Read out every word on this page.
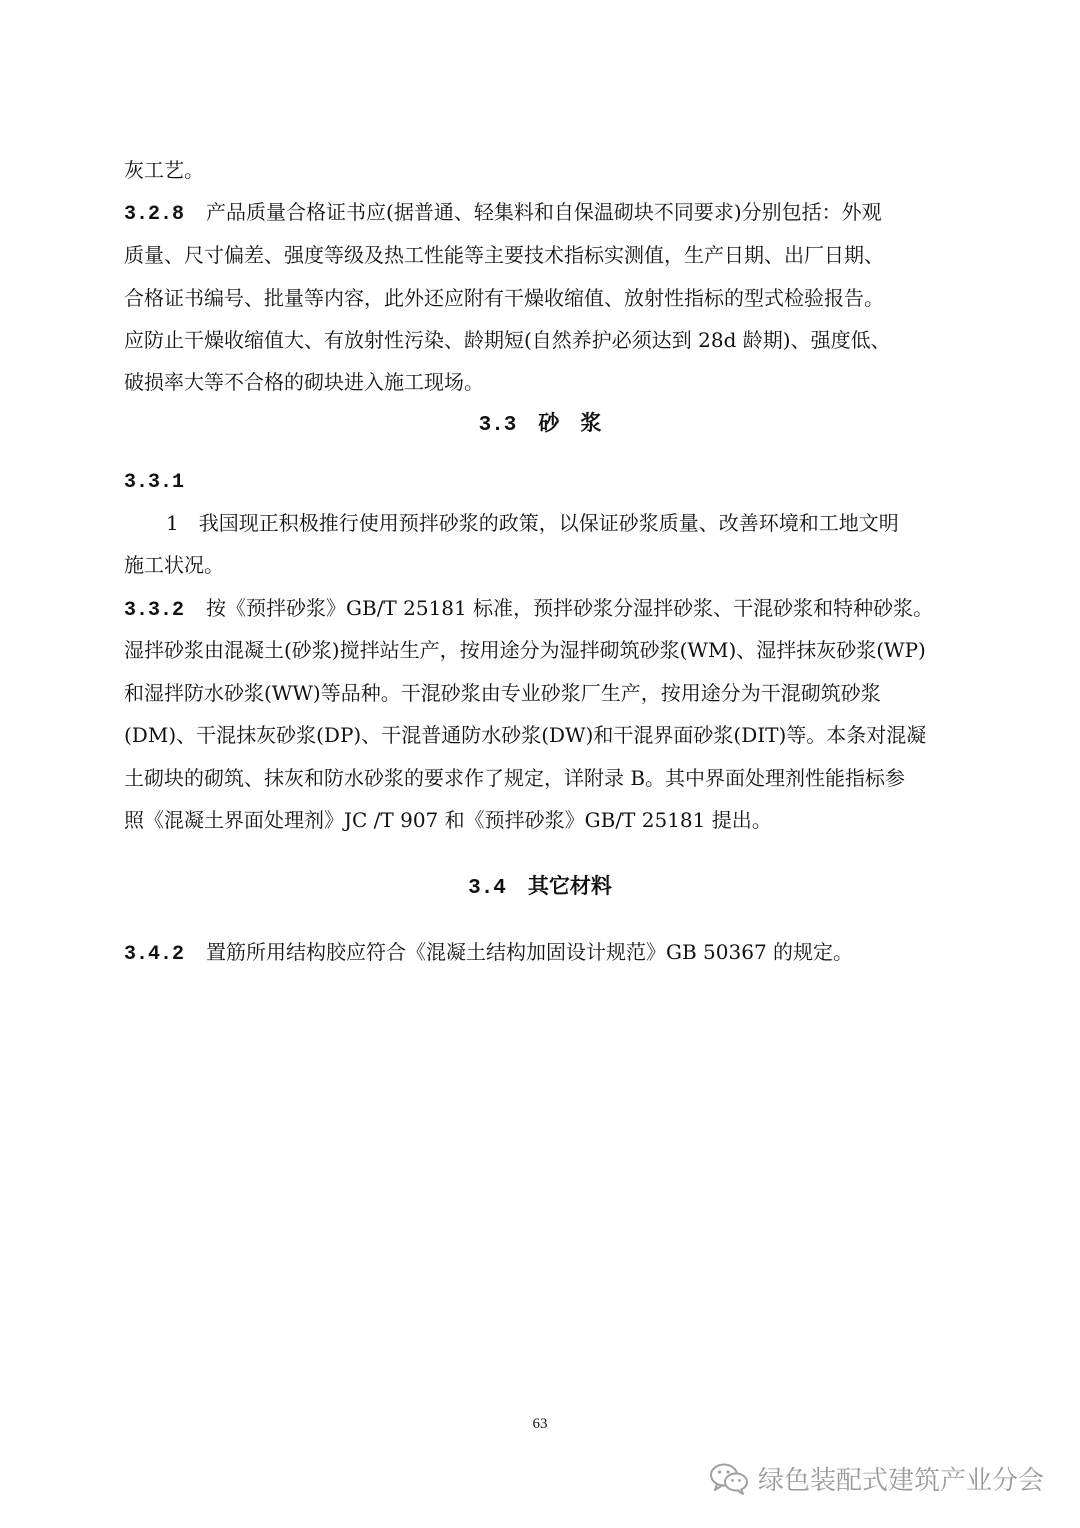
灰工艺。
3.2.8 产品质量合格证书应(据普通、轻集料和自保温砌块不同要求)分别包括：外观
质量、尺寸偏差、强度等级及热工性能等主要技术指标实测值，生产日期、出厂日期、
合格证书编号、批量等内容，此外还应附有干燥收缩值、放射性指标的型式检验报告。
应防止干燥收缩值大、有放射性污染、龄期短(自然养护必须达到 28d 龄期)、强度低、
破损率大等不合格的砌块进入施工现场。
3.3 砂　浆
3.3.1
1　我国现正积极推行使用预拌砂浆的政策，以保证砂浆质量、改善环境和工地文明
施工状况。
3.3.2 按《预拌砂浆》GB/T 25181 标准，预拌砂浆分湿拌砂浆、干混砂浆和特种砂浆。
湿拌砂浆由混凝土(砂浆)搅拌站生产，按用途分为湿拌砌筑砂浆(WM)、湿拌抹灰砂浆(WP)
和湿拌防水砂浆(WW)等品种。干混砂浆由专业砂浆厂生产，按用途分为干混砌筑砂浆
(DM)、干混抹灰砂浆(DP)、干混普通防水砂浆(DW)和干混界面砂浆(DIT)等。本条对混凝
土砌块的砌筑、抹灰和防水砂浆的要求作了规定，详附录 B。其中界面处理剂性能指标参
照《混凝土界面处理剂》JC /T 907 和《预拌砂浆》GB/T 25181 提出。
3.4 其它材料
3.4.2 置筋所用结构胶应符合《混凝土结构加固设计规范》GB 50367 的规定。
63
绿色装配式建筑产业分会
